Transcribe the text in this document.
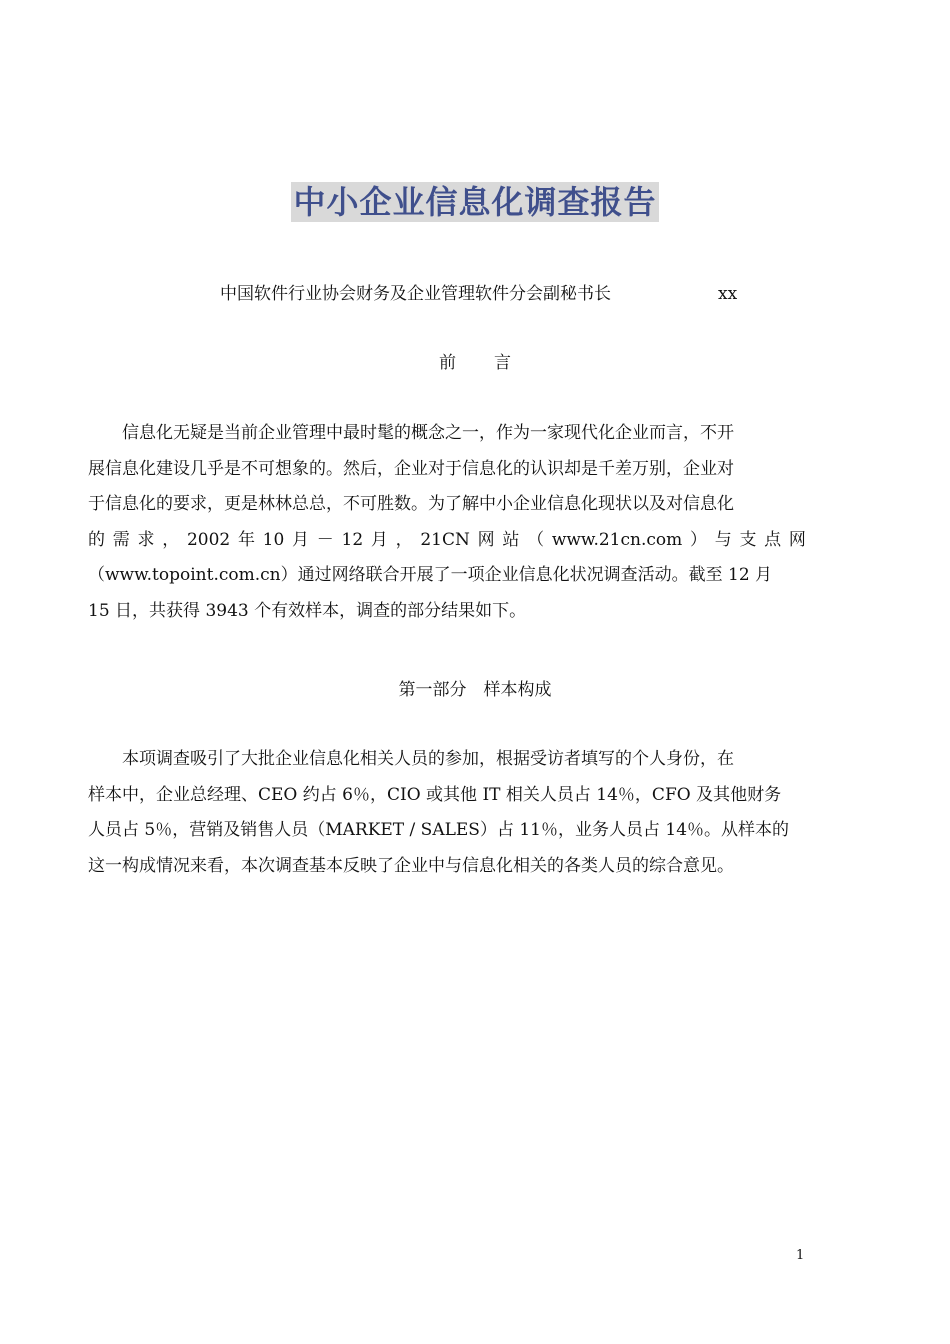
中小企业信息化调查报告
中国软件行业协会财务及企业管理软件分会副秘书长	xx
前 言
信息化无疑是当前企业管理中最时髦的概念之一，作为一家现代化企业而言，不开
展信息化建设几乎是不可想象的。然后，企业对于信息化的认识却是千差万别，企业对
于信息化的要求，更是林林总总，不可胜数。为了解中小企业信息化现状以及对信息化
的 需 求 ， 2002 年 10 月 － 12 月 ， 21CN 网 站 （ www.21cn.com ） 与 支 点 网
（www.topoint.com.cn）通过网络联合开展了一项企业信息化状况调查活动。截至 12 月
15 日，共获得 3943 个有效样本，调查的部分结果如下。
第一部分　样本构成
本项调查吸引了大批企业信息化相关人员的参加，根据受访者填写的个人身份，在
样本中，企业总经理、CEO 约占 6％，CIO 或其他 IT 相关人员占 14％，CFO 及其他财务
人员占 5％，营销及销售人员（MARKET / SALES）占 11％，业务人员占 14％。从样本的
这一构成情况来看，本次调查基本反映了企业中与信息化相关的各类人员的综合意见。
1
